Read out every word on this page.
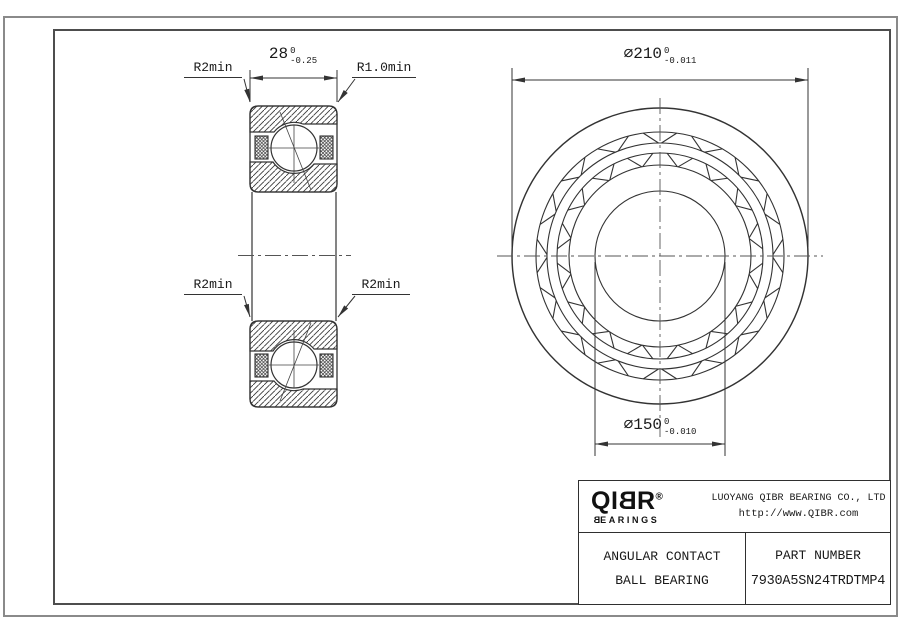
28 0
-0.25	∅210 0
-0.011
∅150 0
-0.010
R2min	R1.0min
R2min	R2min
QIBR®
BEARINGS
LUOYANG QIBR BEARING CO., LTD
http://www.QIBR.com
ANGULAR CONTACT
BALL BEARING
PART NUMBER
7930A5SN24TRDTMP4
